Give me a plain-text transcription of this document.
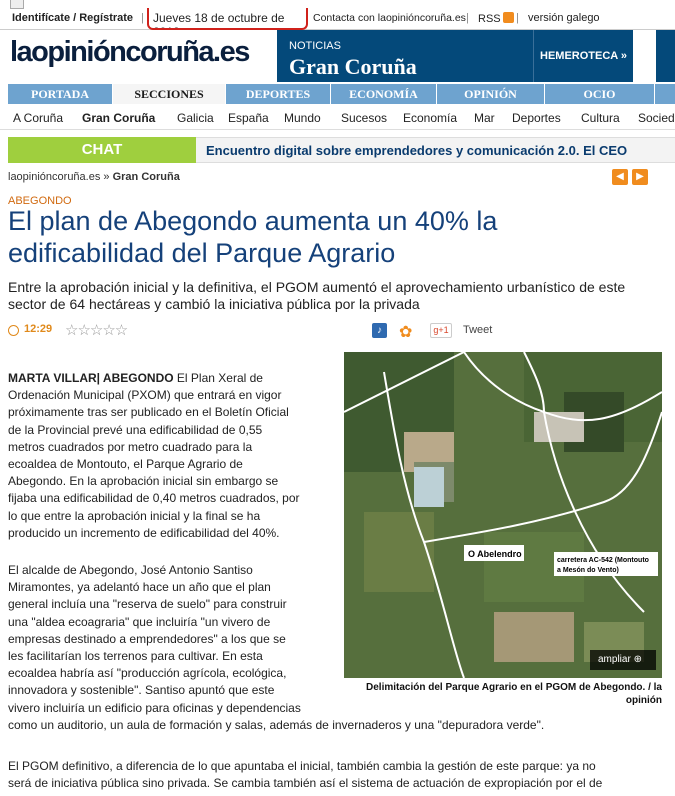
Identifícate / Regístrate | Jueves 18 de octubre de	Contacta con laopinióncoruña.es | RSS	| versión galego
laopinióncoruña.es	NOTICIAS
Gran Coruña	HEMEROTECA »
PORTADA	SECCIONES	DEPORTES	ECONOMÍA	OPINIÓN	OCIO
A Coruña Gran Coruña Galicia España Mundo Sucesos Economía Mar Deportes Cultura Socied
CHAT	Encuentro digital sobre emprendedores y comunicación 2.0. El CEO
laopinióncoruña.es » Gran Coruña	◀	▶
ABEGONDO
El plan de Abegondo aumenta un 40% la edificabilidad del Parque Agrario
Entre la aprobación inicial y la definitiva, el PGOM aumentó el aprovechamiento urbanístico de este sector de 64 hectáreas y cambió la iniciativa pública por la privada
12:29 ☆☆☆☆☆	♪	✿	g+1	Tweet
O Abelendro
carretera AC-542 (Montouto
a Mesón do Vento)
ampliar ⊕
Delimitación del Parque Agrario en el PGOM de Abegondo. / la opinión
MARTA VILLAR| ABEGONDO El Plan Xeral de
Ordenación Municipal (PXOM) que entrará en vigor
próximamente tras ser publicado en el Boletín Oficial
de la Provincial prevé una edificabilidad de 0,55
metros cuadrados por metro cuadrado para la
ecoaldea de Montouto, el Parque Agrario de
Abegondo. En la aprobación inicial sin embargo se
fijaba una edificabilidad de 0,40 metros cuadrados, por
lo que entre la aprobación inicial y la final se ha
producido un incremento de edificabilidad del 40%.
El alcalde de Abegondo, José Antonio Santiso
Miramontes, ya adelantó hace un año que el plan
general incluía una "reserva de suelo" para construir
una "aldea ecoagraria" que incluiría "un vivero de
empresas destinado a emprendedores" a los que se
les facilitarían los terrenos para cultivar. En esta
ecoaldea habría así "producción agrícola, ecológica,
innovadora y sostenible". Santiso apuntó que este
vivero incluiría un edificio para oficinas y dependencias
como un auditorio, un aula de formación y salas, además de invernaderos y una "depuradora verde".
El PGOM definitivo, a diferencia de lo que apuntaba el inicial, también cambia la gestión de este parque: ya no
será de iniciativa pública sino privada. Se cambia también así el sistema de actuación de expropiación por el de
